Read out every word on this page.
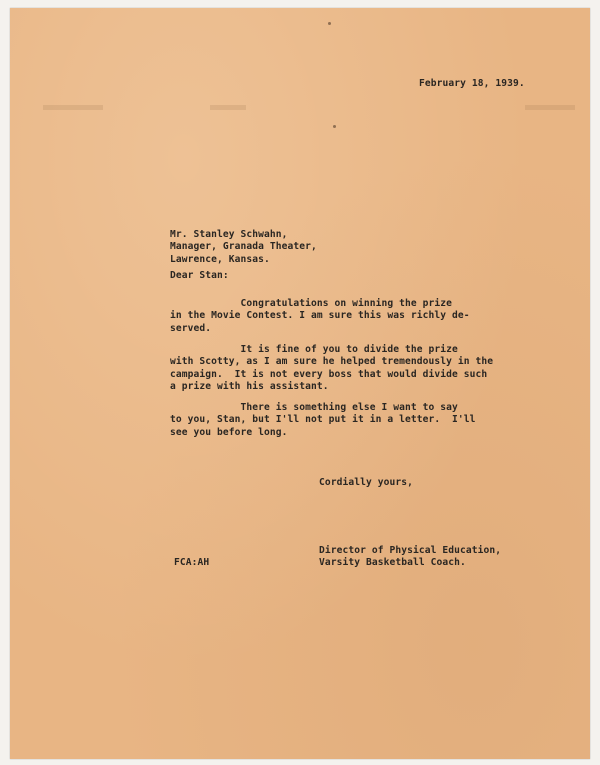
February 18, 1939.

Mr. Stanley Schwahn,
Manager, Granada Theater,
Lawrence, Kansas.

Dear Stan:

Congratulations on winning the prize
in the Movie Contest. I am sure this was richly de-
served.
It is fine of you to divide the prize
with Scotty, as I am sure he helped tremendously in the
campaign.  It is not every boss that would divide such
a prize with his assistant.
There is something else I want to say
to you, Stan, but I'll not put it in a letter.  I'll
see you before long.

Cordially yours,

Director of Physical Education,
Varsity Basketball Coach.

FCA:AH
